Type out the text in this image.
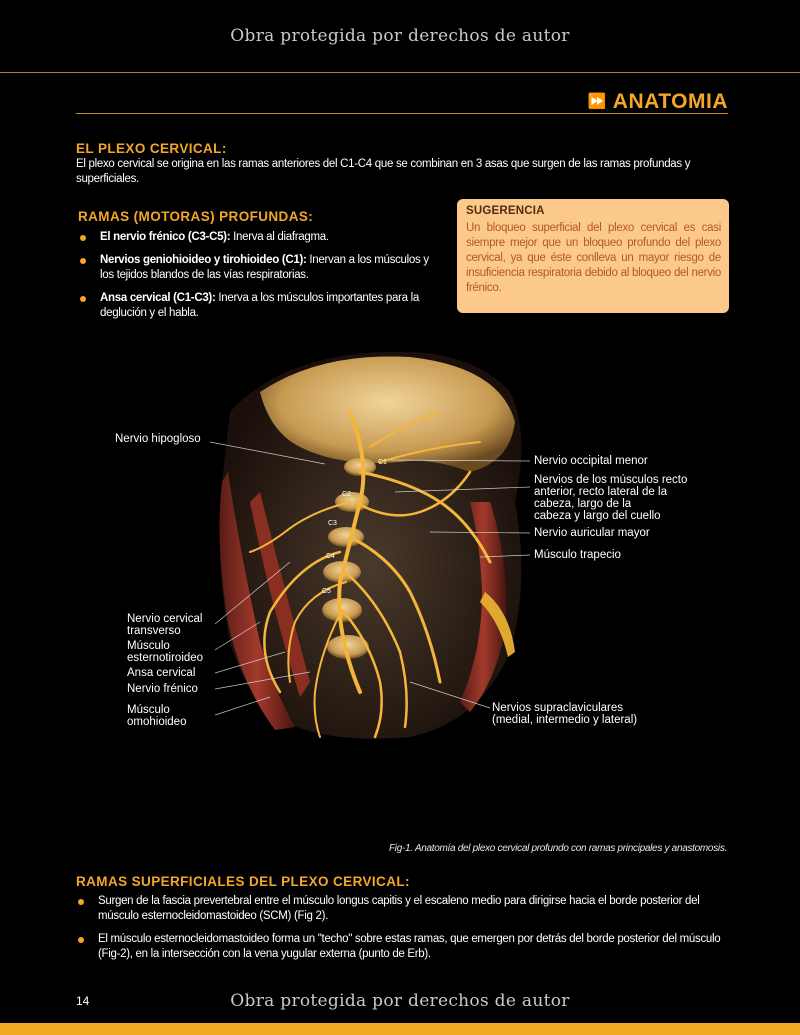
Obra protegida por derechos de autor
⏩ ANATOMIA
EL PLEXO CERVICAL:
El plexo cervical se origina en las ramas anteriores del C1-C4 que se combinan en 3 asas que surgen de las ramas profundas y superficiales.
RAMAS (MOTORAS) PROFUNDAS:
El nervio frénico (C3-C5): Inerva al diafragma.
Nervios geniohioideo y tirohioideo (C1): Inervan a los músculos y los tejidos blandos de las vías respiratorias.
Ansa cervical (C1-C3): Inerva a los músculos importantes para la deglución y el habla.
SUGERENCIA
Un bloqueo superficial del plexo cervical es casi siempre mejor que un bloqueo profundo del plexo cervical, ya que éste conlleva un mayor riesgo de insuficiencia respiratoria debido al bloqueo del nervio frénico.
C1
C2
C3
C4
C5
Nervio hipogloso
Nervio occipital menor
Nervios de los músculos recto
anterior, recto lateral de la
cabeza, largo de la
cabeza y largo del cuello
Nervio auricular mayor
Músculo trapecio
Nervio cervical
transverso
Músculo
esternotiroideo
Ansa cervical
Nervio frénico
Músculo
omohioideo
Nervios supraclaviculares
(medial, intermedio y lateral)
Fig-1. Anatomía del plexo cervical profundo con ramas principales y anastomosis.
RAMAS SUPERFICIALES DEL PLEXO CERVICAL:
Surgen de la fascia prevertebral entre el músculo longus capitis y el escaleno medio para dirigirse hacia el borde posterior del músculo esternocleidomastoideo (SCM) (Fig 2).
El músculo esternocleidomastoideo forma un "techo" sobre estas ramas, que emergen por detrás del borde posterior del músculo (Fig-2), en la intersección con la vena yugular externa (punto de Erb).
14	Obra protegida por derechos de autor
